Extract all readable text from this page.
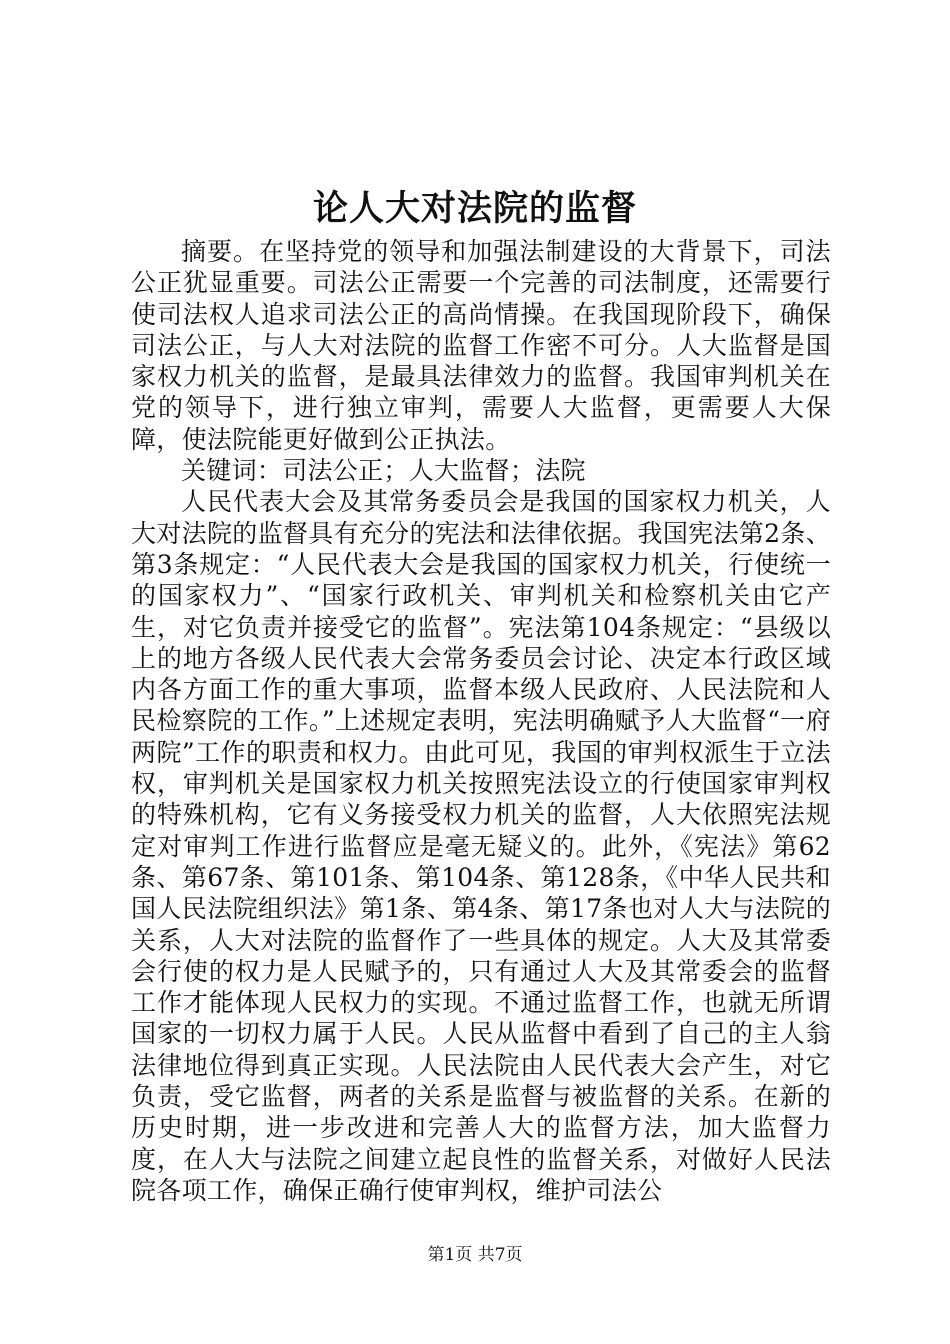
论人大对法院的监督

摘要。在坚持党的领导和加强法制建设的大背景下，司法公正犹显重要。司法公正需要一个完善的司法制度，还需要行使司法权人追求司法公正的高尚情操。在我国现阶段下，确保司法公正，与人大对法院的监督工作密不可分。人大监督是国家权力机关的监督，是最具法律效力的监督。我国审判机关在党的领导下，进行独立审判，需要人大监督，更需要人大保障，使法院能更好做到公正执法。

关键词：司法公正；人大监督；法院

人民代表大会及其常务委员会是我国的国家权力机关，人大对法院的监督具有充分的宪法和法律依据。我国宪法第2条、第3条规定：“人民代表大会是我国的国家权力机关，行使统一的国家权力”、“国家行政机关、审判机关和检察机关由它产生，对它负责并接受它的监督”。宪法第104条规定：“县级以上的地方各级人民代表大会常务委员会讨论、决定本行政区域内各方面工作的重大事项，监督本级人民政府、人民法院和人民检察院的工作。”上述规定表明，宪法明确赋予人大监督“一府两院”工作的职责和权力。由此可见，我国的审判权派生于立法权，审判机关是国家权力机关按照宪法设立的行使国家审判权的特殊机构，它有义务接受权力机关的监督，人大依照宪法规定对审判工作进行监督应是毫无疑义的。此外，《宪法》第62条、第67条、第101条、第104条、第128条，《中华人民共和国人民法院组织法》第1条、第4条、第17条也对人大与法院的关系，人大对法院的监督作了一些具体的规定。人大及其常委会行使的权力是人民赋予的，只有通过人大及其常委会的监督工作才能体现人民权力的实现。不通过监督工作，也就无所谓国家的一切权力属于人民。人民从监督中看到了自己的主人翁法律地位得到真正实现。人民法院由人民代表大会产生，对它负责，受它监督，两者的关系是监督与被监督的关系。在新的历史时期，进一步改进和完善人大的监督方法，加大监督力度，在人大与法院之间建立起良性的监督关系，对做好人民法院各项工作，确保正确行使审判权，维护司法公

第1页 共7页
